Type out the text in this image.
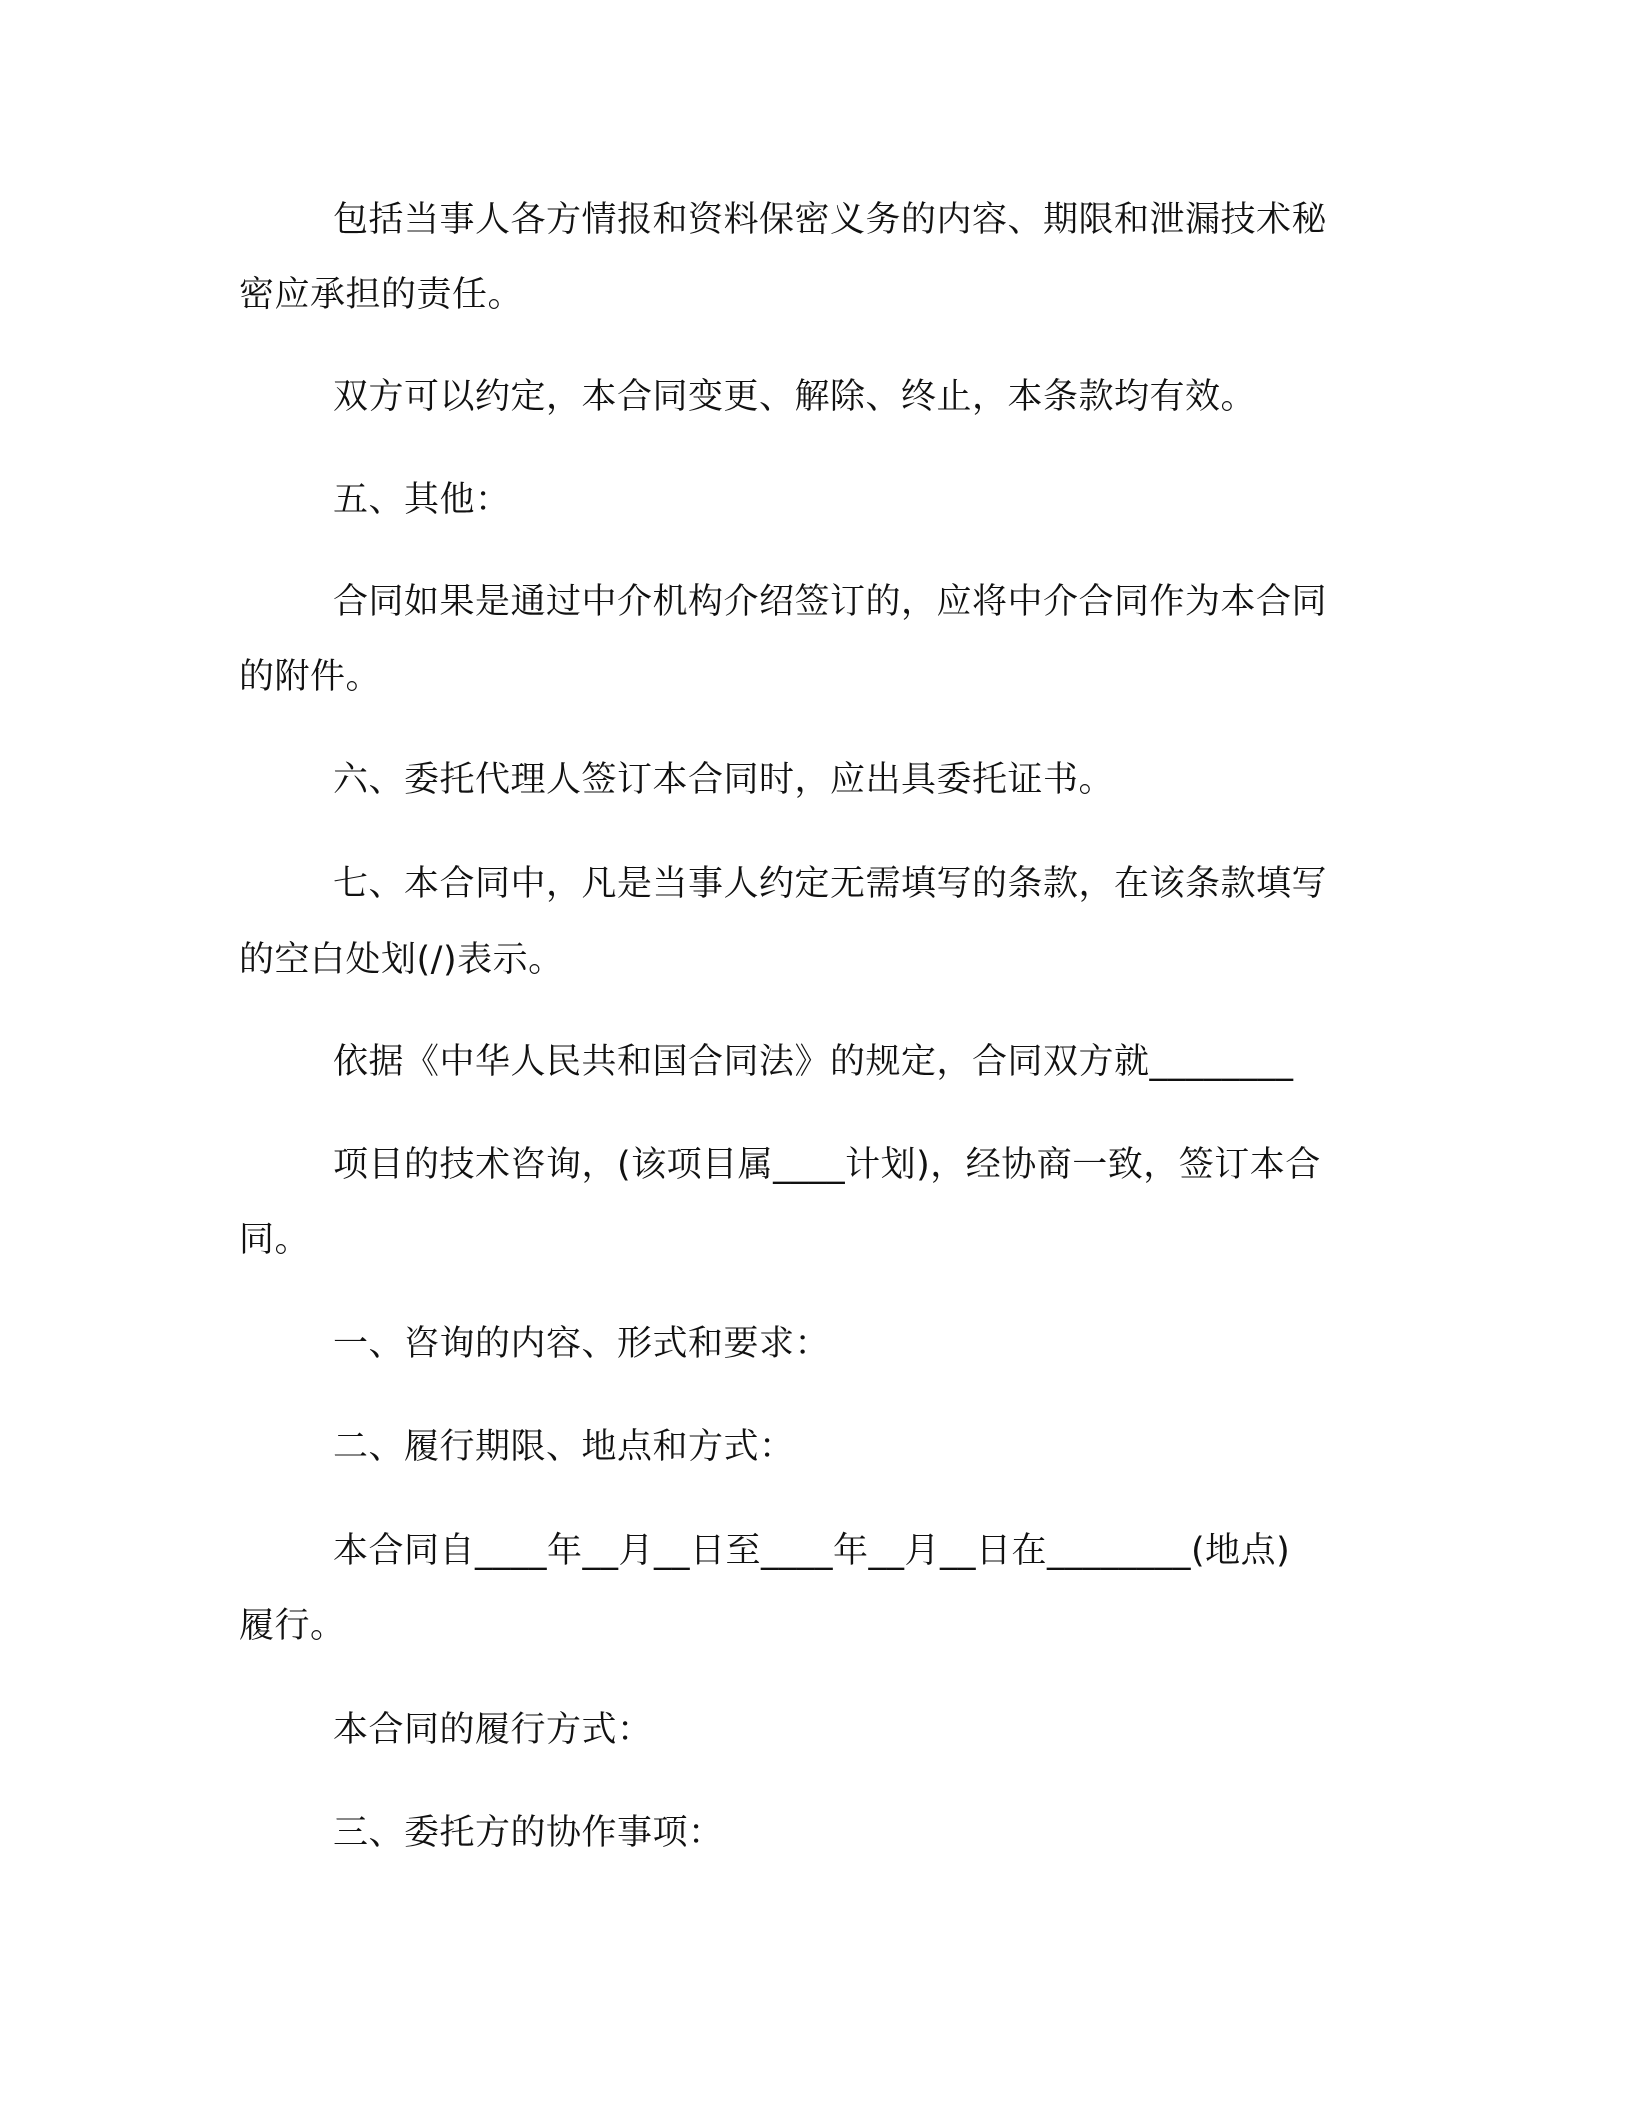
包括当事人各方情报和资料保密义务的内容、期限和泄漏技术秘
密应承担的责任。
双方可以约定，本合同变更、解除、终止，本条款均有效。
五、其他：
合同如果是通过中介机构介绍签订的，应将中介合同作为本合同
的附件。
六、委托代理人签订本合同时，应出具委托证书。
七、本合同中，凡是当事人约定无需填写的条款，在该条款填写
的空白处划(/)表示。
依据《中华人民共和国合同法》的规定，合同双方就________
项目的技术咨询，(该项目属____计划)，经协商一致，签订本合
同。
一、咨询的内容、形式和要求：
二、履行期限、地点和方式：
本合同自____年__月__日至____年__月__日在________(地点)
履行。
本合同的履行方式：
三、委托方的协作事项：
